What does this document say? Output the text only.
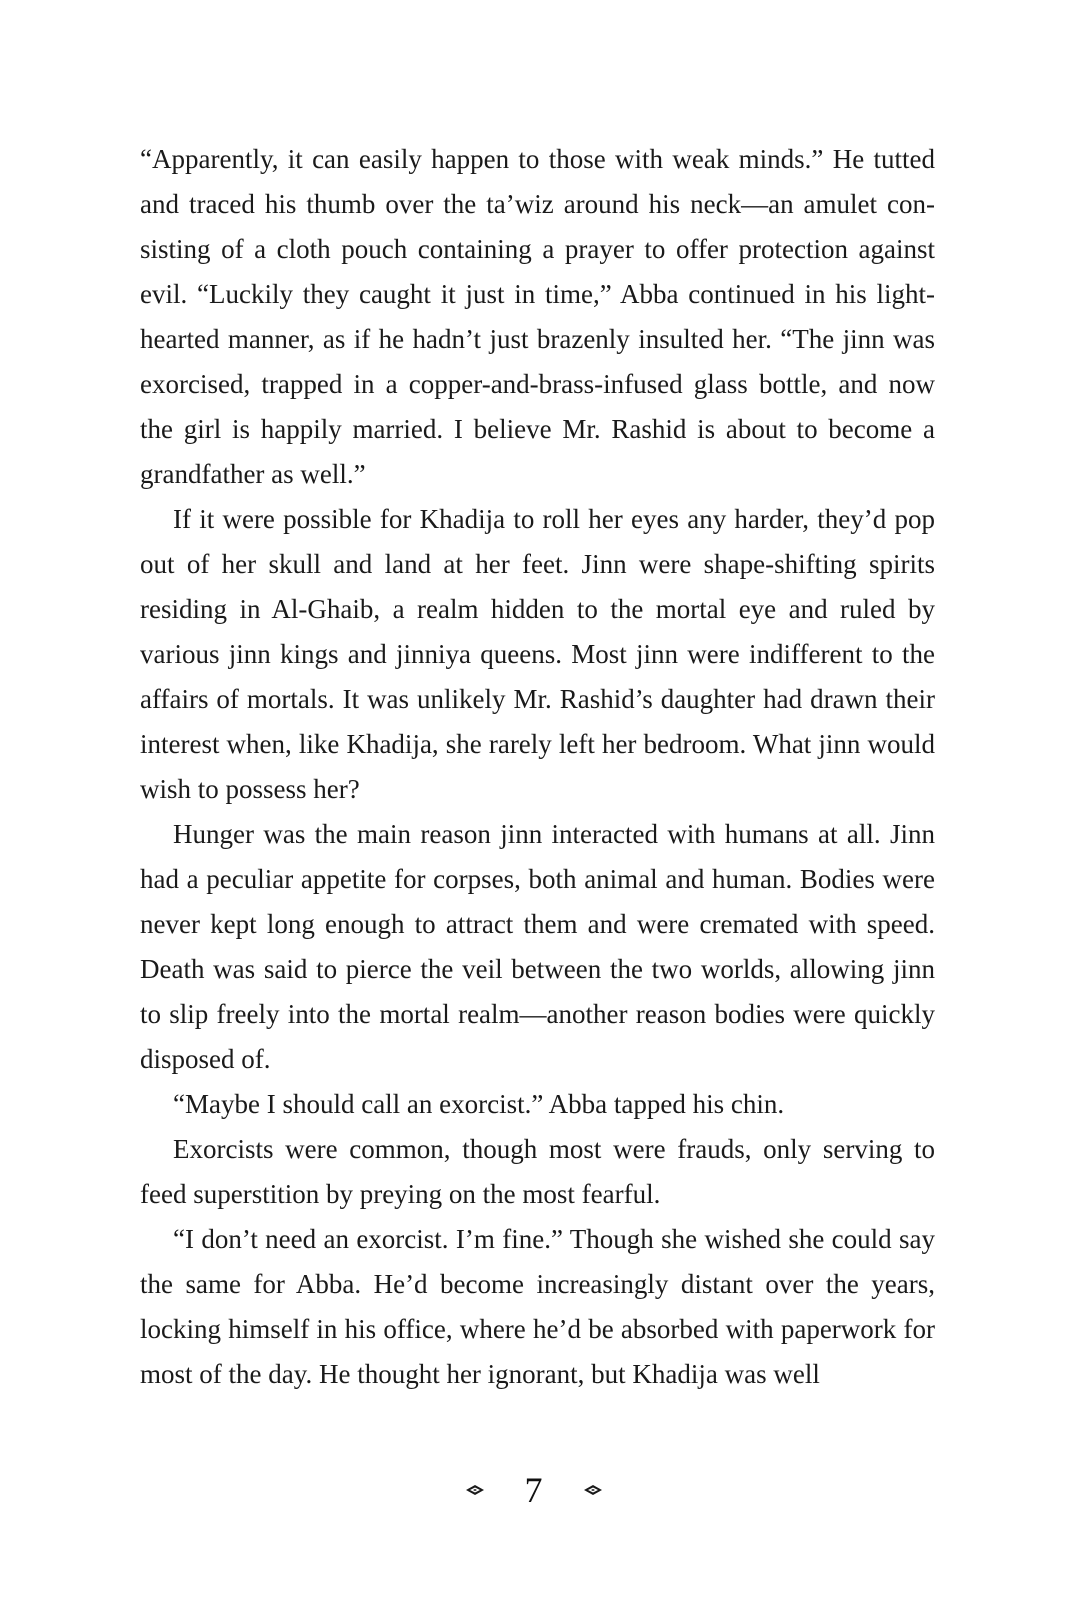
“Apparently, it can easily happen to those with weak minds.” He tutted and traced his thumb over the ta’wiz around his neck—an amulet consisting of a cloth pouch containing a prayer to offer protection against evil. “Luckily they caught it just in time,” Abba continued in his lighthearted manner, as if he hadn’t just brazenly insulted her. “The jinn was exorcised, trapped in a copper-and-brass-infused glass bottle, and now the girl is happily married. I believe Mr. Rashid is about to become a grandfather as well.”

If it were possible for Khadija to roll her eyes any harder, they’d pop out of her skull and land at her feet. Jinn were shape-shifting spirits residing in Al-Ghaib, a realm hidden to the mortal eye and ruled by various jinn kings and jinniya queens. Most jinn were indifferent to the affairs of mortals. It was unlikely Mr. Rashid’s daughter had drawn their interest when, like Khadija, she rarely left her bedroom. What jinn would wish to possess her?

Hunger was the main reason jinn interacted with humans at all. Jinn had a peculiar appetite for corpses, both animal and human. Bodies were never kept long enough to attract them and were cremated with speed. Death was said to pierce the veil between the two worlds, allowing jinn to slip freely into the mortal realm—another reason bodies were quickly disposed of.

“Maybe I should call an exorcist.” Abba tapped his chin.

Exorcists were common, though most were frauds, only serving to feed superstition by preying on the most fearful.

“I don’t need an exorcist. I’m fine.” Though she wished she could say the same for Abba. He’d become increasingly distant over the years, locking himself in his office, where he’d be absorbed with paperwork for most of the day. He thought her ignorant, but Khadija was well

7
